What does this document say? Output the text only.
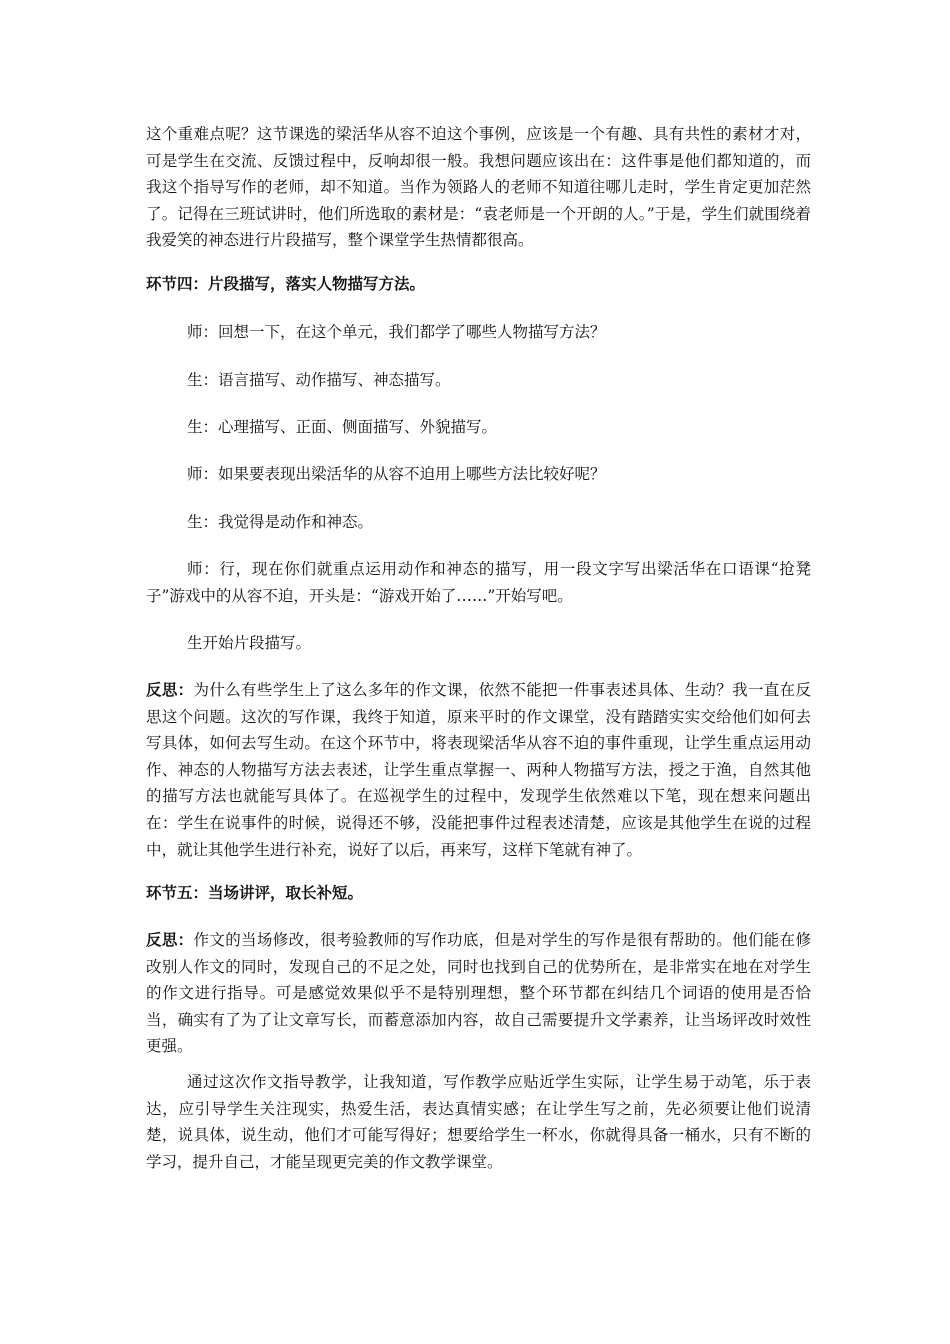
这个重难点呢？这节课选的梁活华从容不迫这个事例，应该是一个有趣、具有共性的素材才对，可是学生在交流、反馈过程中，反响却很一般。我想问题应该出在：这件事是他们都知道的，而我这个指导写作的老师，却不知道。当作为领路人的老师不知道往哪儿走时，学生肯定更加茫然了。记得在三班试讲时，他们所选取的素材是：“袁老师是一个开朗的人。”于是，学生们就围绕着我爱笑的神态进行片段描写，整个课堂学生热情都很高。

环节四：片段描写，落实人物描写方法。

师：回想一下，在这个单元，我们都学了哪些人物描写方法？

生：语言描写、动作描写、神态描写。

生：心理描写、正面、侧面描写、外貌描写。

师：如果要表现出梁活华的从容不迫用上哪些方法比较好呢？

生：我觉得是动作和神态。

师：行，现在你们就重点运用动作和神态的描写，用一段文字写出梁活华在口语课“抢凳子”游戏中的从容不迫，开头是：“游戏开始了……”开始写吧。

生开始片段描写。

反思：为什么有些学生上了这么多年的作文课，依然不能把一件事表述具体、生动？我一直在反思这个问题。这次的写作课，我终于知道，原来平时的作文课堂，没有踏踏实实交给他们如何去写具体，如何去写生动。在这个环节中，将表现梁活华从容不迫的事件重现，让学生重点运用动作、神态的人物描写方法去表述，让学生重点掌握一、两种人物描写方法，授之于渔，自然其他的描写方法也就能写具体了。在巡视学生的过程中，发现学生依然难以下笔，现在想来问题出在：学生在说事件的时候，说得还不够，没能把事件过程表述清楚，应该是其他学生在说的过程中，就让其他学生进行补充，说好了以后，再来写，这样下笔就有神了。

环节五：当场讲评，取长补短。

反思：作文的当场修改，很考验教师的写作功底，但是对学生的写作是很有帮助的。他们能在修改别人作文的同时，发现自己的不足之处，同时也找到自己的优势所在，是非常实在地在对学生的作文进行指导。可是感觉效果似乎不是特别理想，整个环节都在纠结几个词语的使用是否恰当，确实有了为了让文章写长，而蓄意添加内容，故自己需要提升文学素养，让当场评改时效性更强。

通过这次作文指导教学，让我知道，写作教学应贴近学生实际，让学生易于动笔，乐于表达，应引导学生关注现实，热爱生活，表达真情实感；在让学生写之前，先必须要让他们说清楚，说具体，说生动，他们才可能写得好；想要给学生一杯水，你就得具备一桶水，只有不断的学习，提升自己，才能呈现更完美的作文教学课堂。
